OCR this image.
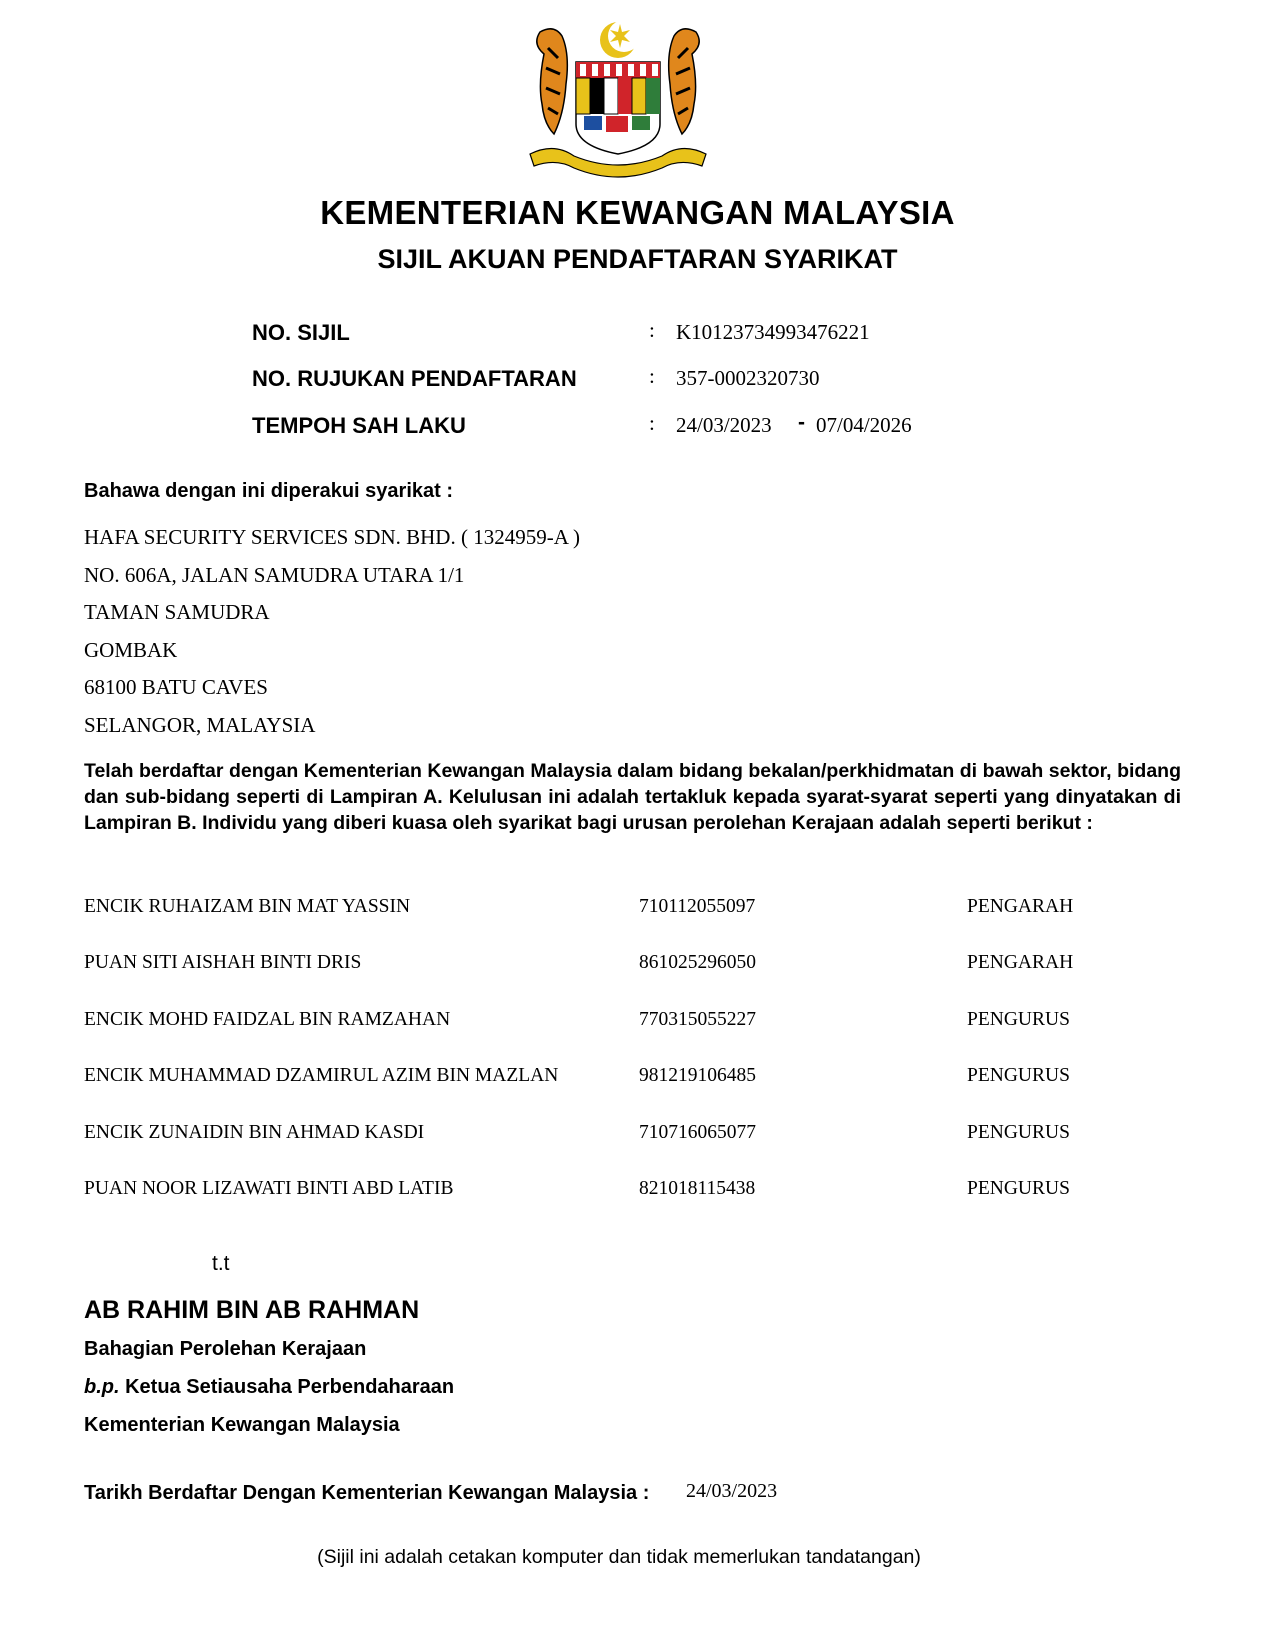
KEMENTERIAN KEWANGAN MALAYSIA
SIJIL AKUAN PENDAFTARAN SYARIKAT
NO. SIJIL	: K10123734993476221
NO. RUJUKAN PENDAFTARAN	: 357-0002320730
TEMPOH SAH LAKU	: 24/03/2023 - 07/04/2026
Bahawa dengan ini diperakui syarikat :
HAFA SECURITY SERVICES SDN. BHD. ( 1324959-A )
NO. 606A, JALAN SAMUDRA UTARA 1/1
TAMAN SAMUDRA
GOMBAK
68100 BATU CAVES
SELANGOR, MALAYSIA
Telah berdaftar dengan Kementerian Kewangan Malaysia dalam bidang bekalan/perkhidmatan di bawah sektor, bidang dan sub-bidang seperti di Lampiran A. Kelulusan ini adalah tertakluk kepada syarat-syarat seperti yang dinyatakan di Lampiran B. Individu yang diberi kuasa oleh syarikat bagi urusan perolehan Kerajaan adalah seperti berikut :
ENCIK RUHAIZAM BIN MAT YASSIN	710112055097	PENGARAH
PUAN SITI AISHAH BINTI DRIS	861025296050	PENGARAH
ENCIK MOHD FAIDZAL BIN RAMZAHAN	770315055227	PENGURUS
ENCIK MUHAMMAD DZAMIRUL AZIM BIN MAZLAN	981219106485	PENGURUS
ENCIK ZUNAIDIN BIN AHMAD KASDI	710716065077	PENGURUS
PUAN NOOR LIZAWATI BINTI ABD LATIB	821018115438	PENGURUS
t.t
AB RAHIM BIN AB RAHMAN
Bahagian Perolehan Kerajaan
b.p. Ketua Setiausaha Perbendaharaan
Kementerian Kewangan Malaysia
Tarikh Berdaftar Dengan Kementerian Kewangan Malaysia : 24/03/2023
(Sijil ini adalah cetakan komputer dan tidak memerlukan tandatangan)
